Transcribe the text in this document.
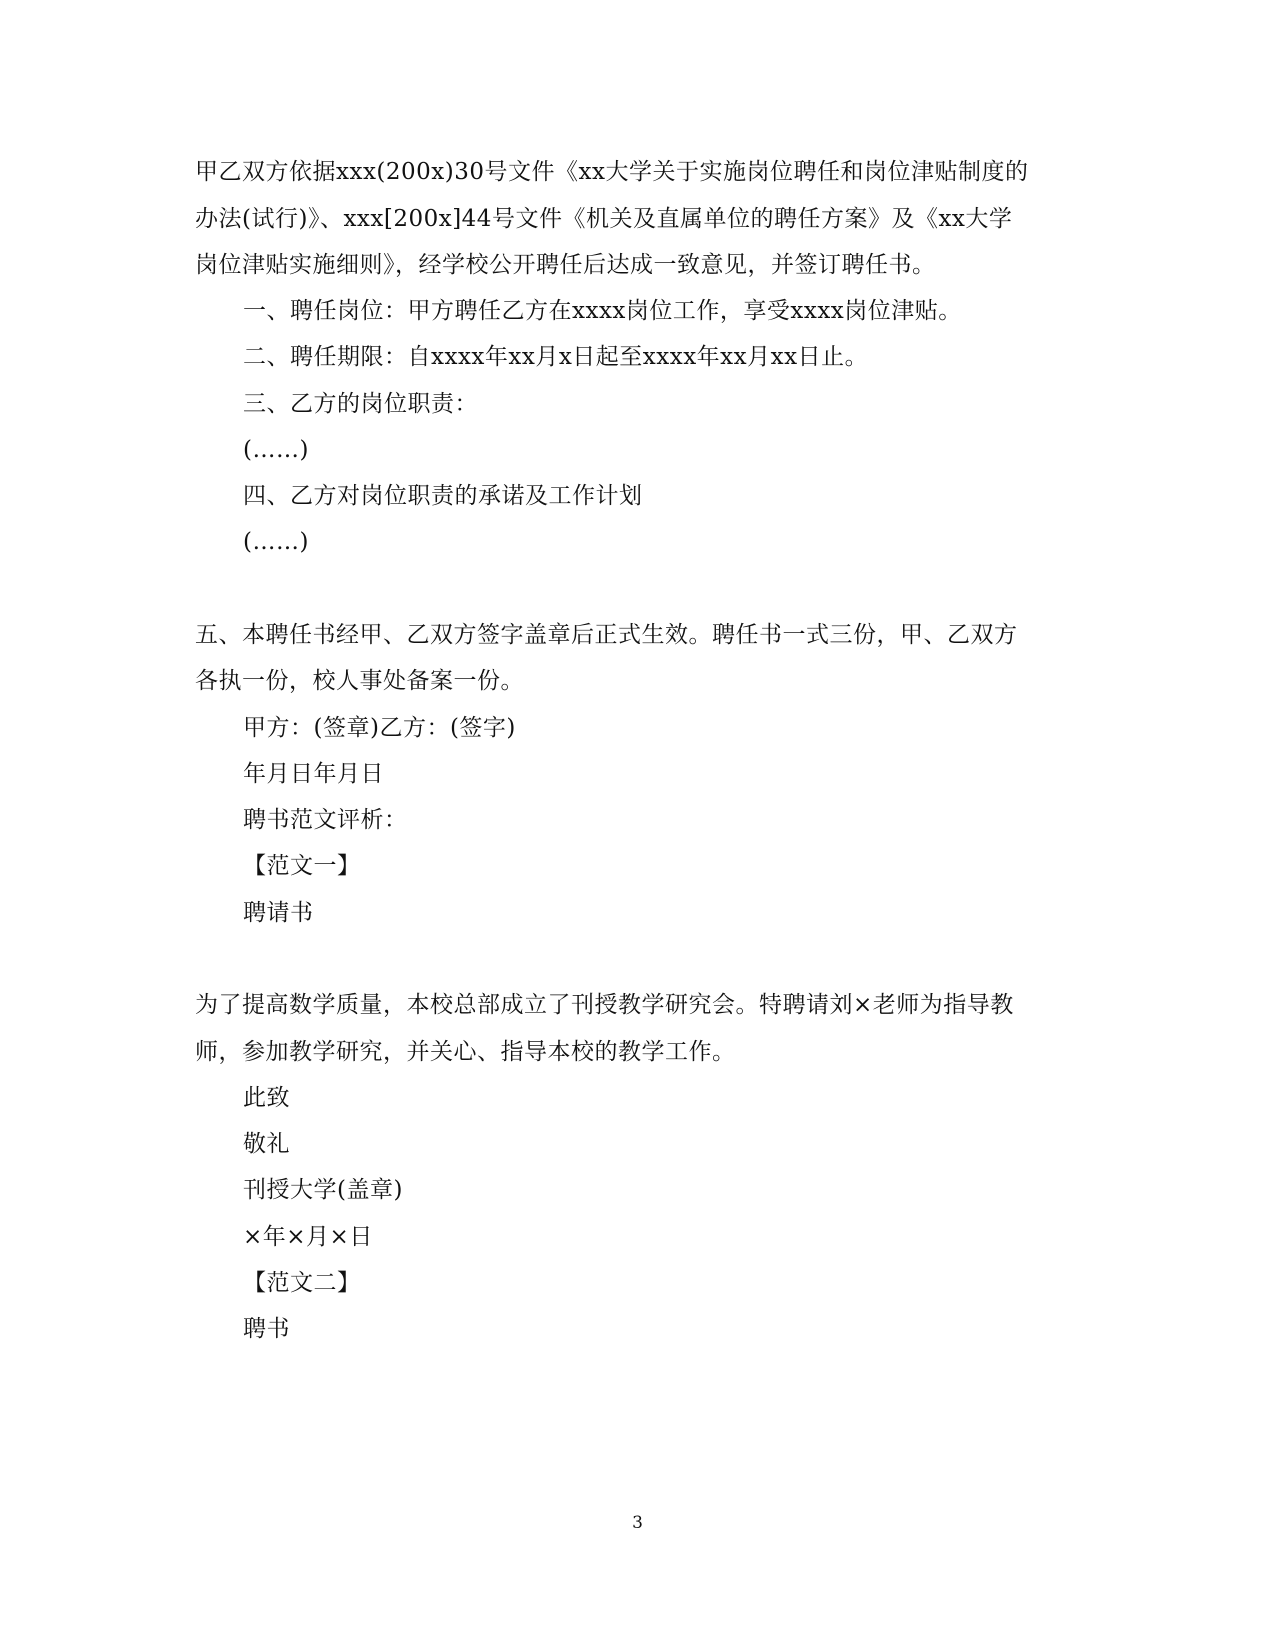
甲乙双方依据xxx(200x)30号文件《xx大学关于实施岗位聘任和岗位津贴制度的
办法(试行)》、xxx[200x]44号文件《机关及直属单位的聘任方案》及《xx大学
岗位津贴实施细则》，经学校公开聘任后达成一致意见，并签订聘任书。
一、聘任岗位：甲方聘任乙方在xxxx岗位工作，享受xxxx岗位津贴。
二、聘任期限：自xxxx年xx月x日起至xxxx年xx月xx日止。
三、乙方的岗位职责：
(……)
四、乙方对岗位职责的承诺及工作计划
(……)
五、本聘任书经甲、乙双方签字盖章后正式生效。聘任书一式三份，甲、乙双方
各执一份，校人事处备案一份。
甲方：(签章)乙方：(签字)
年月日年月日
聘书范文评析：
【范文一】
聘请书
为了提高数学质量，本校总部成立了刊授教学研究会。特聘请刘×老师为指导教
师，参加教学研究，并关心、指导本校的教学工作。
此致
敬礼
刊授大学(盖章)
×年×月×日
【范文二】
聘书
3
